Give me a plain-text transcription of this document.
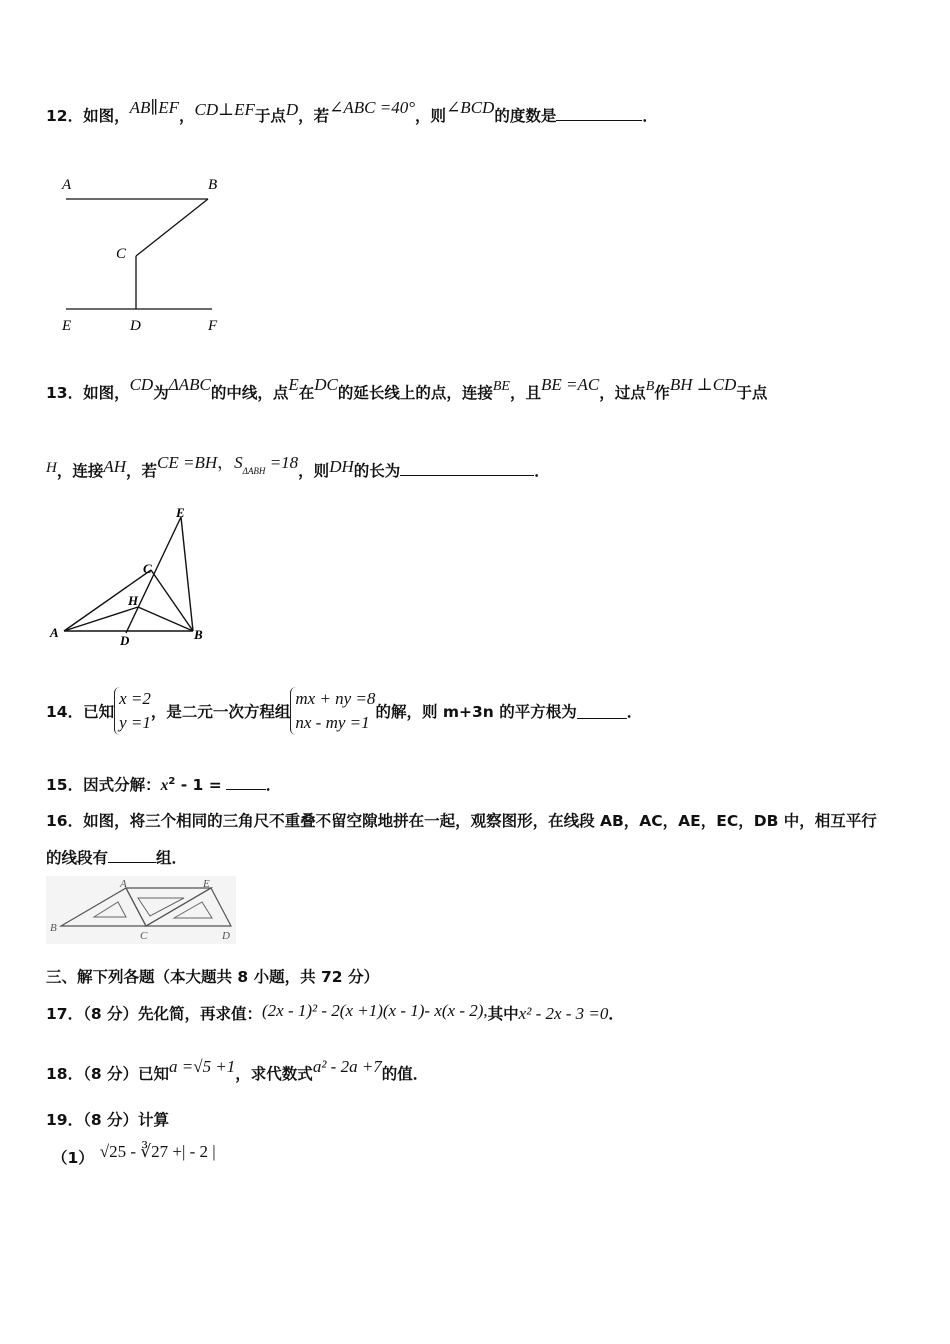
12．如图，AB∥EF，CD⊥EF于点D，若∠ABC =40°，则∠BCD的度数是	．
A	B
C
E	D	F
13．如图，CD为ΔABC的中线，点E在DC的延长线上的点，连接BE，且BE =AC，过点B作BH ⊥CD于点
H，连接AH，若CE =BH，$S_{\Delta ABH} =18$，则DH的长为	．
E
C
H
A
D	B
14．已知
x =2
y =1
，是二元一次方程组
mx + ny =8
nx - my =1
的解，则 m+3n 的平方根为	．
15．因式分解：$x^2 - 1$ =	．
16．如图，将三个相同的三角尺不重叠不留空隙地拼在一起，观察图形，在线段 AB，AC，AE，EC，DB 中，相互平行
的线段有	组．
A	E
B
C	D
三、解下列各题（本大题共 8 小题，共 72 分）
17．（8 分）先化简，再求值：(2x - 1)² - 2(x +1)(x - 1)- x(x - 2),其中x² - 2x - 3 =0．
18．（8 分）已知a =√5 +1，求代数式a² - 2a +7的值．
19．（8 分）计算
（1） √25 - ∛27 +| - 2 |
